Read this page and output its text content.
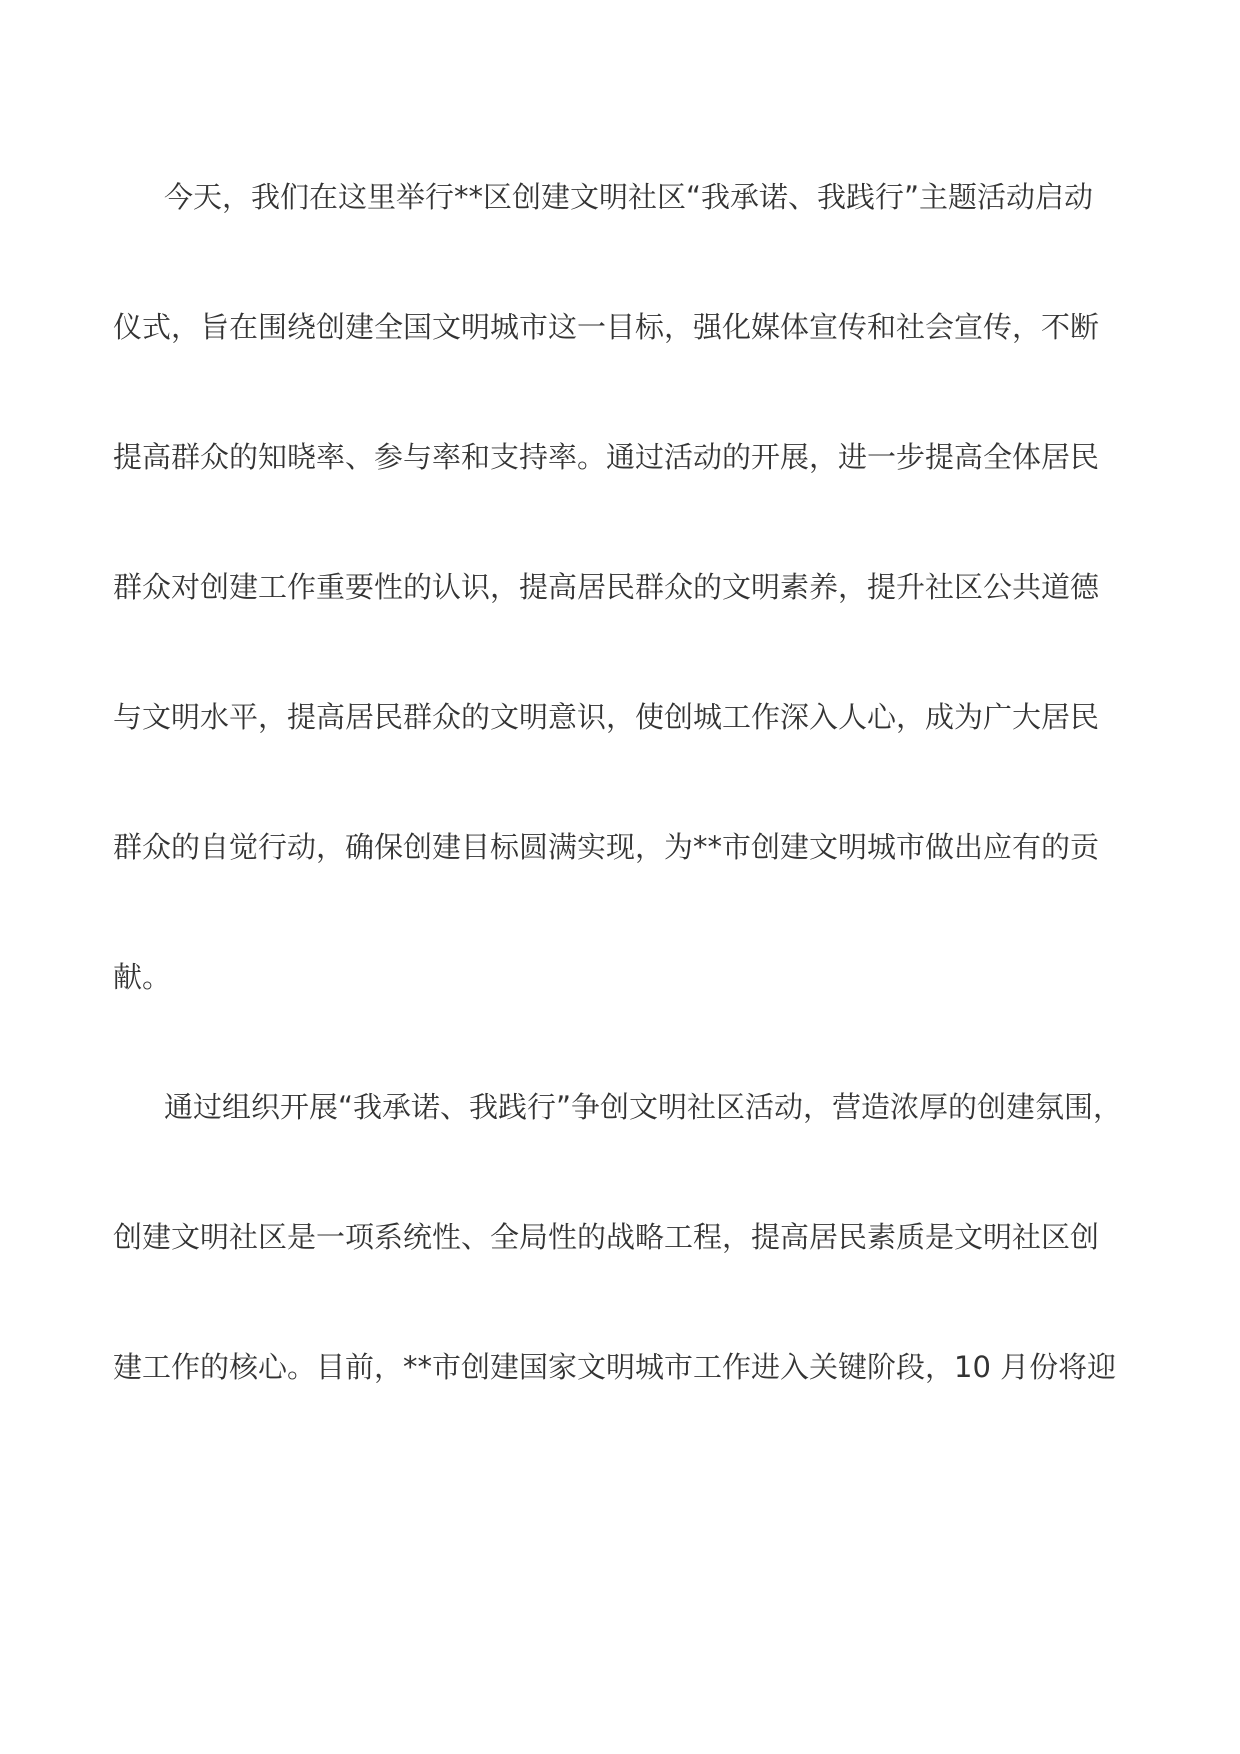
今天，我们在这里举行**区创建文明社区“我承诺、我践行”主题活动启动
仪式，旨在围绕创建全国文明城市这一目标，强化媒体宣传和社会宣传，不断
提高群众的知晓率、参与率和支持率。通过活动的开展，进一步提高全体居民
群众对创建工作重要性的认识，提高居民群众的文明素养，提升社区公共道德
与文明水平，提高居民群众的文明意识，使创城工作深入人心，成为广大居民
群众的自觉行动，确保创建目标圆满实现，为**市创建文明城市做出应有的贡
献。
通过组织开展“我承诺、我践行”争创文明社区活动，营造浓厚的创建氛围，
创建文明社区是一项系统性、全局性的战略工程，提高居民素质是文明社区创
建工作的核心。目前，**市创建国家文明城市工作进入关键阶段，10 月份将迎
